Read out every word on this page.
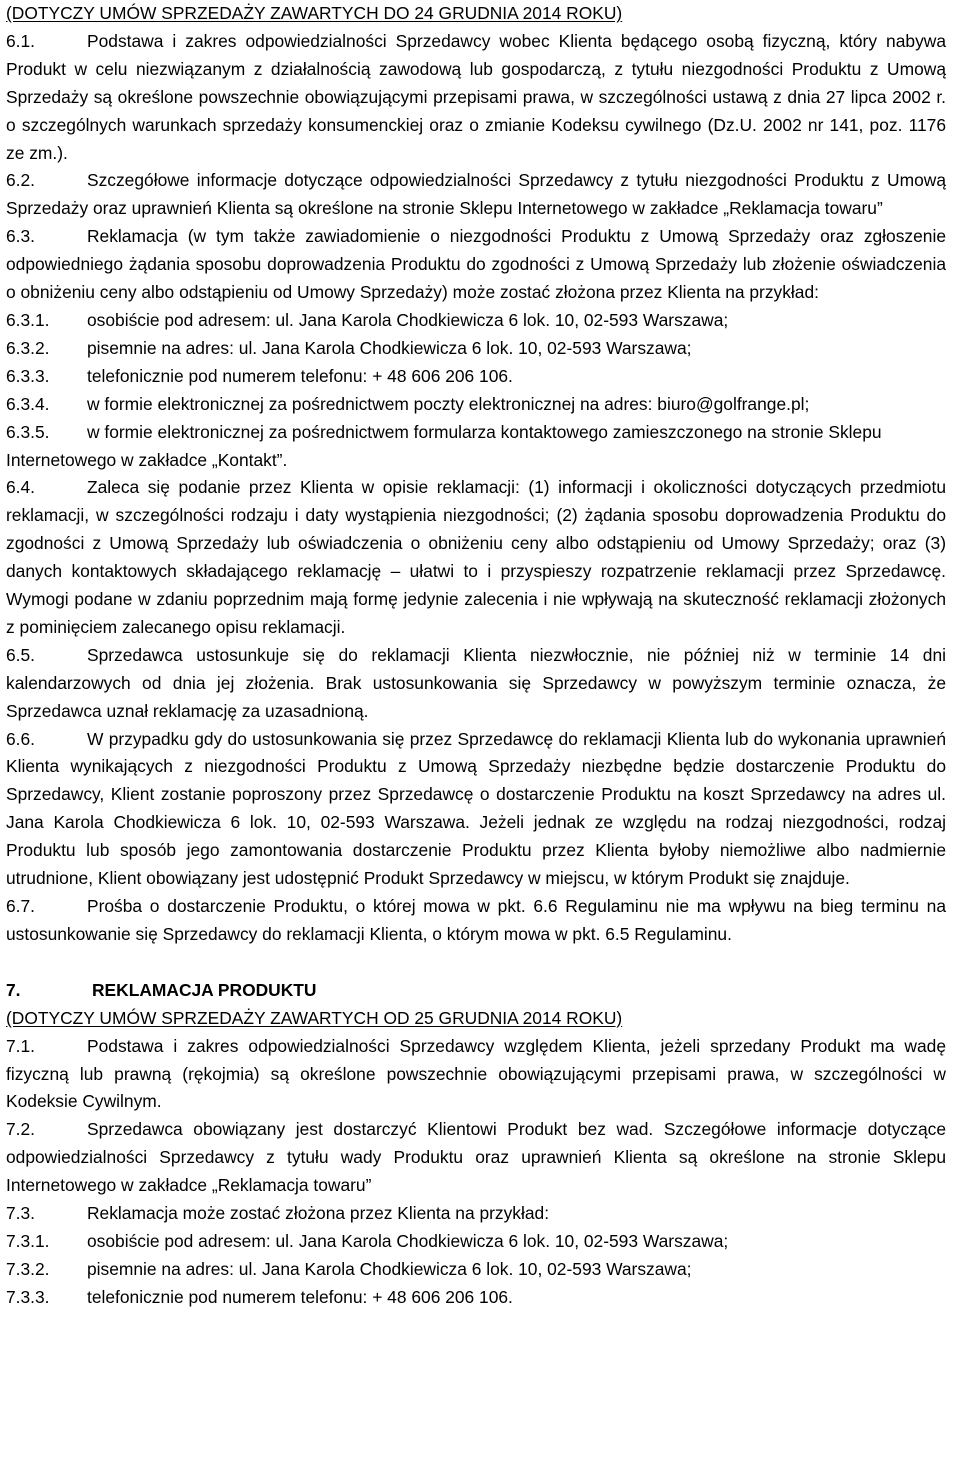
(DOTYCZY UMÓW SPRZEDAŻY ZAWARTYCH DO 24 GRUDNIA 2014 ROKU)

6.1.	Podstawa i zakres odpowiedzialności Sprzedawcy wobec Klienta będącego osobą fizyczną, który nabywa Produkt w celu niezwiązanym z działalnością zawodową lub gospodarczą, z tytułu niezgodności Produktu z Umową Sprzedaży są określone powszechnie obowiązującymi przepisami prawa, w szczególności ustawą z dnia 27 lipca 2002 r. o szczególnych warunkach sprzedaży konsumenckiej oraz o zmianie Kodeksu cywilnego (Dz.U. 2002 nr 141, poz. 1176 ze zm.).

6.2.	Szczegółowe informacje dotyczące odpowiedzialności Sprzedawcy z tytułu niezgodności Produktu z Umową Sprzedaży oraz uprawnień Klienta są określone na stronie Sklepu Internetowego w zakładce „Reklamacja towaru”

6.3.	Reklamacja (w tym także zawiadomienie o niezgodności Produktu z Umową Sprzedaży oraz zgłoszenie odpowiedniego żądania sposobu doprowadzenia Produktu do zgodności z Umową Sprzedaży lub złożenie oświadczenia o obniżeniu ceny albo odstąpieniu od Umowy Sprzedaży) może zostać złożona przez Klienta na przykład:

6.3.1. osobiście pod adresem: ul. Jana Karola Chodkiewicza 6 lok. 10, 02-593 Warszawa;

6.3.2. pisemnie na adres: ul. Jana Karola Chodkiewicza 6 lok. 10, 02-593 Warszawa;

6.3.3. telefonicznie pod numerem telefonu: + 48 606 206 106.

6.3.4. w formie elektronicznej za pośrednictwem poczty elektronicznej na adres: biuro@golfrange.pl;

6.3.5. w formie elektronicznej za pośrednictwem formularza kontaktowego zamieszczonego na stronie Sklepu Internetowego w zakładce „Kontakt”.

6.4.	Zaleca się podanie przez Klienta w opisie reklamacji: (1) informacji i okoliczności dotyczących przedmiotu reklamacji, w szczególności rodzaju i daty wystąpienia niezgodności; (2) żądania sposobu doprowadzenia Produktu do zgodności z Umową Sprzedaży lub oświadczenia o obniżeniu ceny albo odstąpieniu od Umowy Sprzedaży; oraz (3) danych kontaktowych składającego reklamację – ułatwi to i przyspieszy rozpatrzenie reklamacji przez Sprzedawcę. Wymogi podane w zdaniu poprzednim mają formę jedynie zalecenia i nie wpływają na skuteczność reklamacji złożonych z pominięciem zalecanego opisu reklamacji.

6.5.	Sprzedawca ustosunkuje się do reklamacji Klienta niezwłocznie, nie później niż w terminie 14 dni kalendarzowych od dnia jej złożenia. Brak ustosunkowania się Sprzedawcy w powyższym terminie oznacza, że Sprzedawca uznał reklamację za uzasadnioną.

6.6.	W przypadku gdy do ustosunkowania się przez Sprzedawcę do reklamacji Klienta lub do wykonania uprawnień Klienta wynikających z niezgodności Produktu z Umową Sprzedaży niezbędne będzie dostarczenie Produktu do Sprzedawcy, Klient zostanie poproszony przez Sprzedawcę o dostarczenie Produktu na koszt Sprzedawcy na adres ul. Jana Karola Chodkiewicza 6 lok. 10, 02-593 Warszawa. Jeżeli jednak ze względu na rodzaj niezgodności, rodzaj Produktu lub sposób jego zamontowania dostarczenie Produktu przez Klienta byłoby niemożliwe albo nadmiernie utrudnione, Klient obowiązany jest udostępnić Produkt Sprzedawcy w miejscu, w którym Produkt się znajduje.

6.7.	Prośba o dostarczenie Produktu, o której mowa w pkt. 6.6 Regulaminu nie ma wpływu na bieg terminu na ustosunkowanie się Sprzedawcy do reklamacji Klienta, o którym mowa w pkt. 6.5 Regulaminu.

7.	REKLAMACJA PRODUKTU

(DOTYCZY UMÓW SPRZEDAŻY ZAWARTYCH OD 25 GRUDNIA 2014 ROKU)

7.1.	Podstawa i zakres odpowiedzialności Sprzedawcy względem Klienta, jeżeli sprzedany Produkt ma wadę fizyczną lub prawną (rękojmia) są określone powszechnie obowiązującymi przepisami prawa, w szczególności w Kodeksie Cywilnym.

7.2.	Sprzedawca obowiązany jest dostarczyć Klientowi Produkt bez wad. Szczegółowe informacje dotyczące odpowiedzialności Sprzedawcy z tytułu wady Produktu oraz uprawnień Klienta są określone na stronie Sklepu Internetowego w zakładce „Reklamacja towaru”

7.3.	Reklamacja może zostać złożona przez Klienta na przykład:

7.3.1. osobiście pod adresem: ul. Jana Karola Chodkiewicza 6 lok. 10, 02-593 Warszawa;

7.3.2. pisemnie na adres: ul. Jana Karola Chodkiewicza 6 lok. 10, 02-593 Warszawa;

7.3.3. telefonicznie pod numerem telefonu: + 48 606 206 106.
